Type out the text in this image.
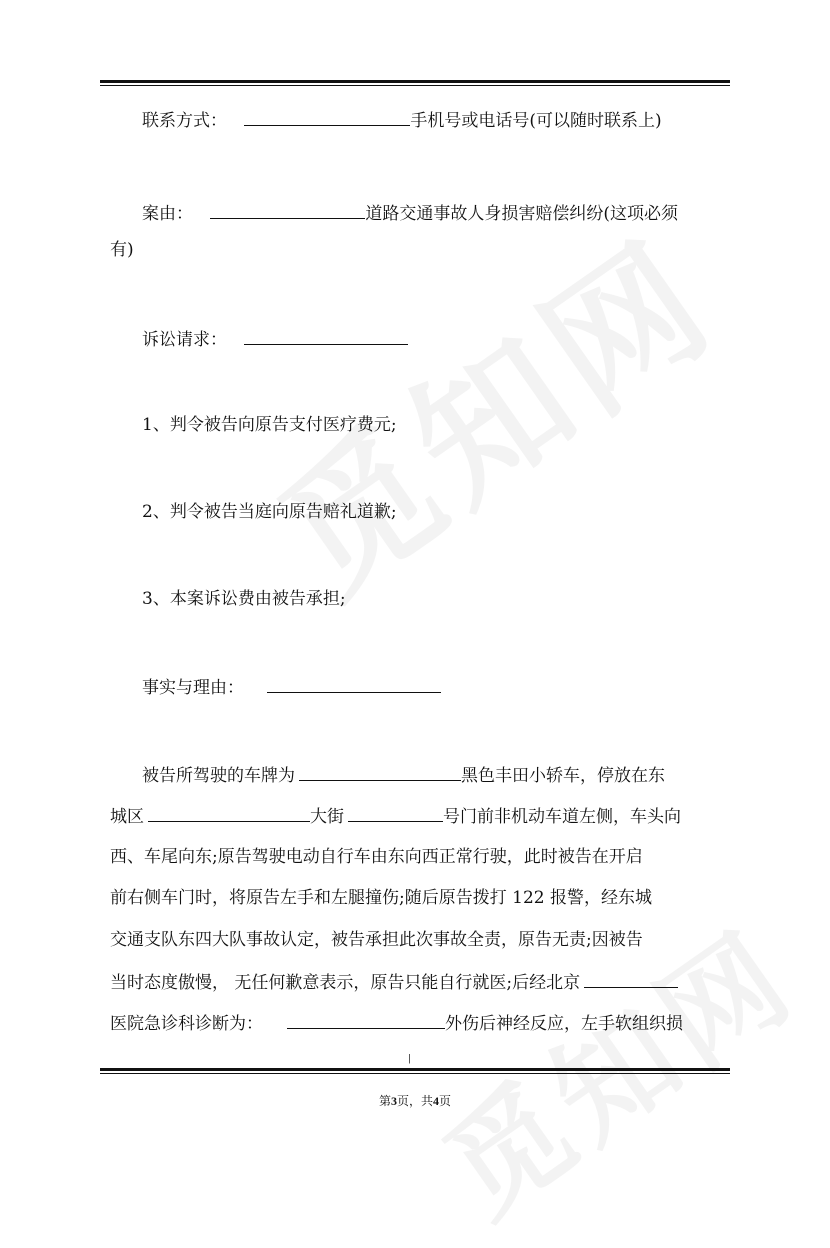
联系方式：	手机号或电话号(可以随时联系上)
案由：	道路交通事故人身损害赔偿纠纷(这项必须
有)
诉讼请求：
1、判令被告向原告支付医疗费元;
2、判令被告当庭向原告赔礼道歉;
3、本案诉讼费由被告承担;
事实与理由：
被告所驾驶的车牌为	黑色丰田小轿车，停放在东
城区	大街	号门前非机动车道左侧，车头向
西、车尾向东;原告驾驶电动自行车由东向西正常行驶，此时被告在开启
前右侧车门时，将原告左手和左腿撞伤;随后原告拨打 122 报警，经东城
交通支队东四大队事故认定，被告承担此次事故全责，原告无责;因被告
当时态度傲慢， 无任何歉意表示，原告只能自行就医;后经北京
医院急诊科诊断为：	外伤后神经反应，左手软组织损
|
第3页，共4页
